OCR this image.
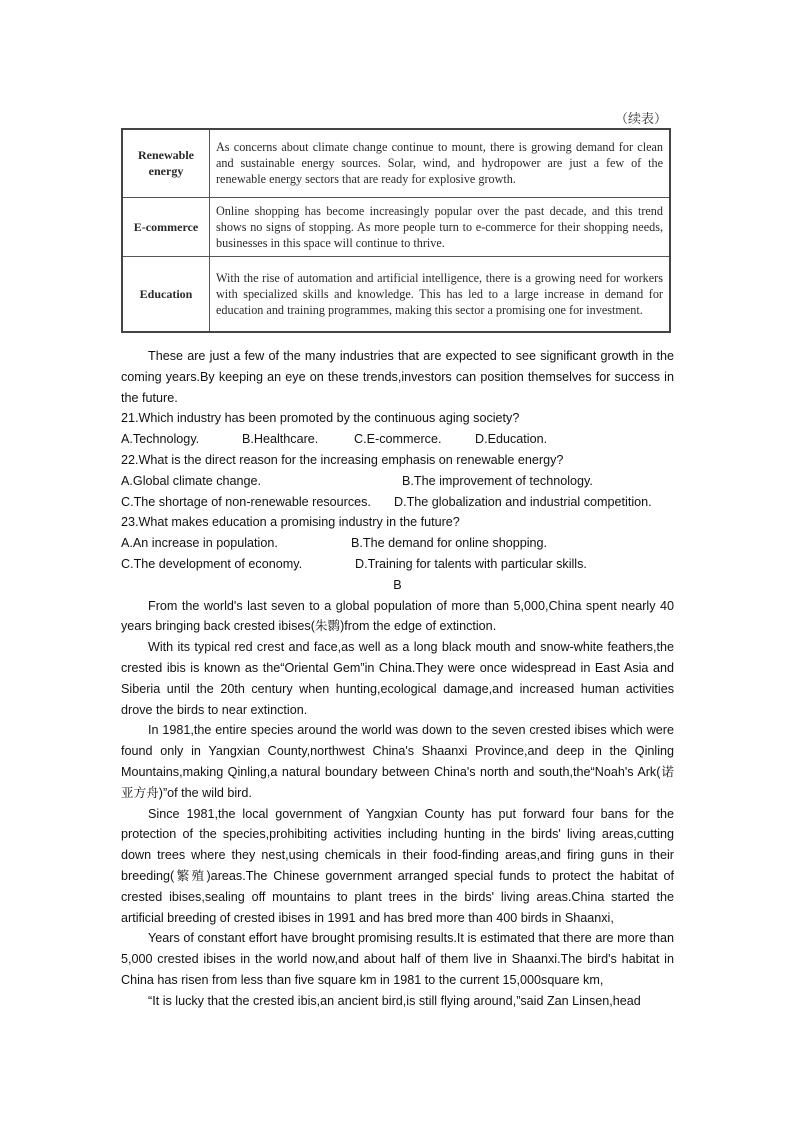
（续表）
Renewable energy	As concerns about climate change continue to mount, there is growing demand for clean and sustainable energy sources. Solar, wind, and hydropower are just a few of the renewable energy sectors that are ready for explosive growth.
E-commerce	Online shopping has become increasingly popular over the past decade, and this trend shows no signs of stopping. As more people turn to e-commerce for their shopping needs, businesses in this space will continue to thrive.
Education	With the rise of automation and artificial intelligence, there is a growing need for workers with specialized skills and knowledge. This has led to a large increase in demand for education and training programmes, making this sector a promising one for investment.

These are just a few of the many industries that are expected to see significant growth in the coming years.By keeping an eye on these trends,investors can position themselves for success in the future.

21.Which industry has been promoted by the continuous aging society?

A.Technology.	B.Healthcare.	C.E-commerce.	D.Education.

22.What is the direct reason for the increasing emphasis on renewable energy?

A.Global climate change.	B.The improvement of technology.
C.The shortage of non-renewable resources.	D.The globalization and industrial competition.

23.What makes education a promising industry in the future?

A.An increase in population.	B.The demand for online shopping.
C.The development of economy.	D.Training for talents with particular skills.

B

From the world's last seven to a global population of more than 5,000,China spent nearly 40 years bringing back crested ibises(朱鹮)from the edge of extinction.

With its typical red crest and face,as well as a long black mouth and snow-white feathers,the crested ibis is known as the“Oriental Gem”in China.They were once widespread in East Asia and Siberia until the 20th century when hunting,ecological damage,and increased human activities drove the birds to near extinction.

In 1981,the entire species around the world was down to the seven crested ibises which were found only in Yangxian County,northwest China's Shaanxi Province,and deep in the Qinling Mountains,making Qinling,a natural boundary between China's north and south,the“Noah's Ark(诺亚方舟)”of the wild bird.

Since 1981,the local government of Yangxian County has put forward four bans for the protection of the species,prohibiting activities including hunting in the birds' living areas,cutting down trees where they nest,using chemicals in their food-finding areas,and firing guns in their breeding(繁殖)areas.The Chinese government arranged special funds to protect the habitat of crested ibises,sealing off mountains to plant trees in the birds' living areas.China started the artificial breeding of crested ibises in 1991 and has bred more than 400 birds in Shaanxi,

Years of constant effort have brought promising results.It is estimated that there are more than 5,000 crested ibises in the world now,and about half of them live in Shaanxi.The bird's habitat in China has risen from less than five square km in 1981 to the current 15,000square km,

“It is lucky that the crested ibis,an ancient bird,is still flying around,”said Zan Linsen,head
